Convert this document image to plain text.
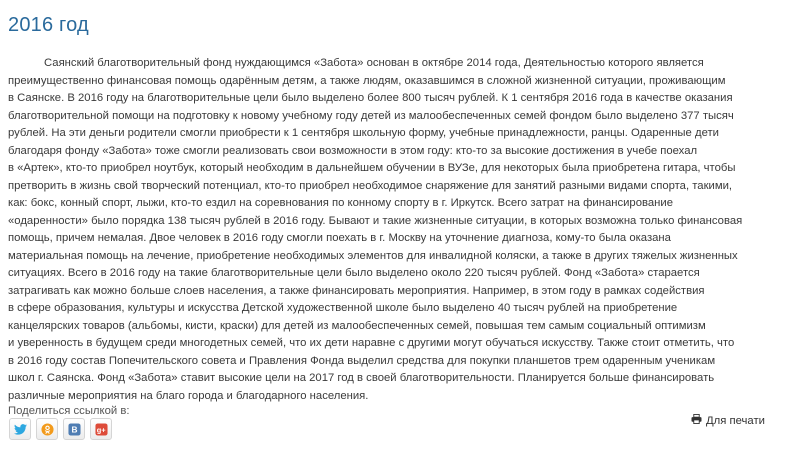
2016 год
Саянский благотворительный фонд нуждающимся «Забота» основан в октябре 2014 года, Деятельностью которого является
преимущественно финансовая помощь одарённым детям, а также людям, оказавшимся в сложной жизненной ситуации, проживающим
в Саянске. В 2016 году на благотворительные цели было выделено более 800 тысяч рублей. К 1 сентября 2016 года в качестве оказания
благотворительной помощи на подготовку к новому учебному году детей из малообеспеченных семей фондом было выделено 377 тысяч
рублей. На эти деньги родители смогли приобрести к 1 сентября школьную форму, учебные принадлежности, ранцы. Одаренные дети
благодаря фонду «Забота» тоже смогли реализовать свои возможности в этом году: кто-то за высокие достижения в учебе поехал
в «Артек», кто-то приобрел ноутбук, который необходим в дальнейшем обучении в ВУЗе, для некоторых была приобретена гитара, чтобы
претворить в жизнь свой творческий потенциал, кто-то приобрел необходимое снаряжение для занятий разными видами спорта, такими,
как: бокс, конный спорт, лыжи, кто-то ездил на соревнования по конному спорту в г. Иркутск. Всего затрат на финансирование
«одаренности» было порядка 138 тысяч рублей в 2016 году. Бывают и такие жизненные ситуации, в которых возможна только финансовая
помощь, причем немалая. Двое человек в 2016 году смогли поехать в г. Москву на уточнение диагноза, кому-то была оказана
материальная помощь на лечение, приобретение необходимых элементов для инвалидной коляски, а также в других тяжелых жизненных
ситуациях. Всего в 2016 году на такие благотворительные цели было выделено около 220 тысяч рублей. Фонд «Забота» старается
затрагивать как можно больше слоев населения, а также финансировать мероприятия. Например, в этом году в рамках содействия
в сфере образования, культуры и искусства Детской художественной школе было выделено 40 тысяч рублей на приобретение
канцелярских товаров (альбомы, кисти, краски) для детей из малообеспеченных семей, повышая тем самым социальный оптимизм
и уверенность в будущем среди многодетных семей, что их дети наравне с другими могут обучаться искусству. Также стоит отметить, что
в 2016 году состав Попечительского совета и Правления Фонда выделил средства для покупки планшетов трем одаренным ученикам
школ г. Саянска. Фонд «Забота» ставит высокие цели на 2017 год в своей благотворительности. Планируется больше финансировать
различные мероприятия на благо города и благодарного населения.
Поделиться ссылкой в:
B g+
Для печати
